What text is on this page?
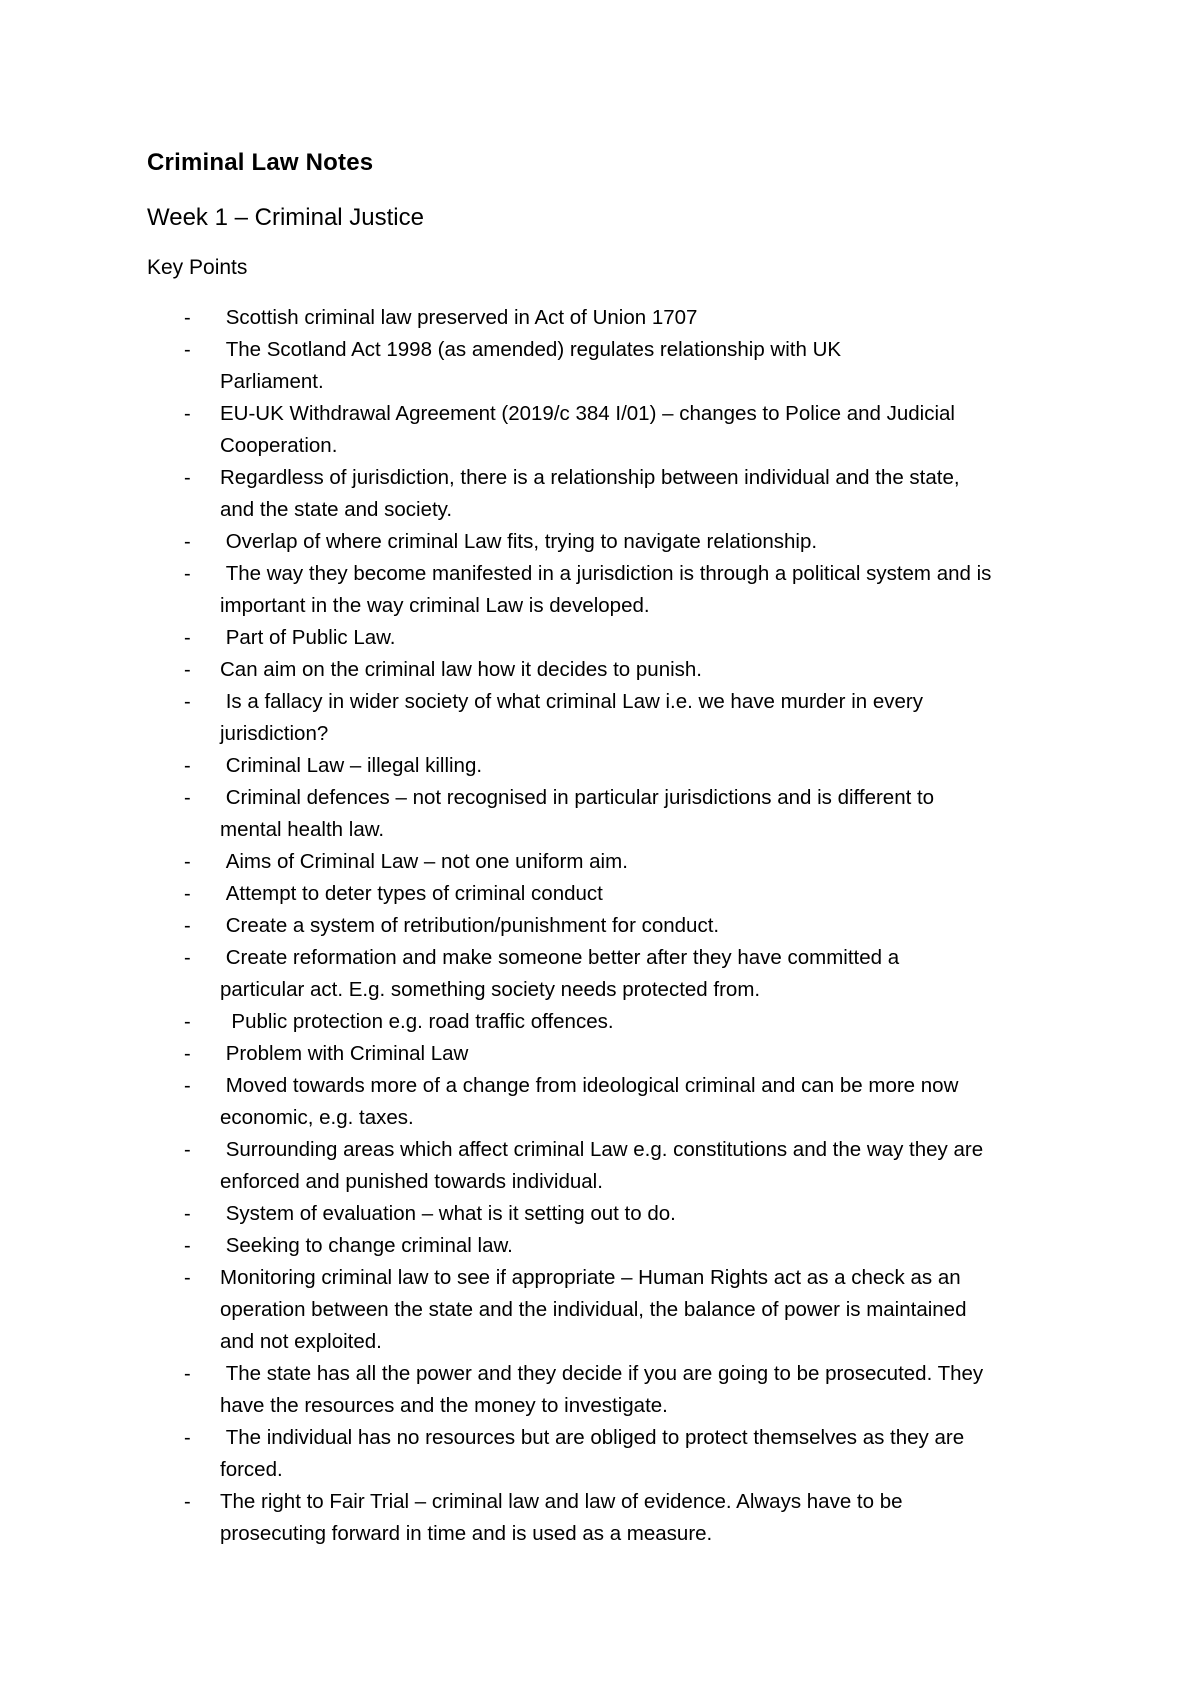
Criminal Law Notes
Week 1 – Criminal Justice
Key Points
- Scottish criminal law preserved in Act of Union 1707
- The Scotland Act 1998 (as amended) regulates relationship with UK
Parliament.
- EU-UK Withdrawal Agreement (2019/c 384 I/01) – changes to Police and Judicial
Cooperation.
- Regardless of jurisdiction, there is a relationship between individual and the state,
and the state and society.
- Overlap of where criminal Law fits, trying to navigate relationship.
- The way they become manifested in a jurisdiction is through a political system and is
important in the way criminal Law is developed.
- Part of Public Law.
- Can aim on the criminal law how it decides to punish.
- Is a fallacy in wider society of what criminal Law i.e. we have murder in every
jurisdiction?
- Criminal Law – illegal killing.
- Criminal defences – not recognised in particular jurisdictions and is different to
mental health law.
- Aims of Criminal Law – not one uniform aim.
- Attempt to deter types of criminal conduct
- Create a system of retribution/punishment for conduct.
- Create reformation and make someone better after they have committed a
particular act. E.g. something society needs protected from.
- Public protection e.g. road traffic offences.
- Problem with Criminal Law
- Moved towards more of a change from ideological criminal and can be more now
economic, e.g. taxes.
- Surrounding areas which affect criminal Law e.g. constitutions and the way they are
enforced and punished towards individual.
- System of evaluation – what is it setting out to do.
- Seeking to change criminal law.
- Monitoring criminal law to see if appropriate – Human Rights act as a check as an
operation between the state and the individual, the balance of power is maintained
and not exploited.
- The state has all the power and they decide if you are going to be prosecuted. They
have the resources and the money to investigate.
- The individual has no resources but are obliged to protect themselves as they are
forced.
- The right to Fair Trial – criminal law and law of evidence. Always have to be
prosecuting forward in time and is used as a measure.
